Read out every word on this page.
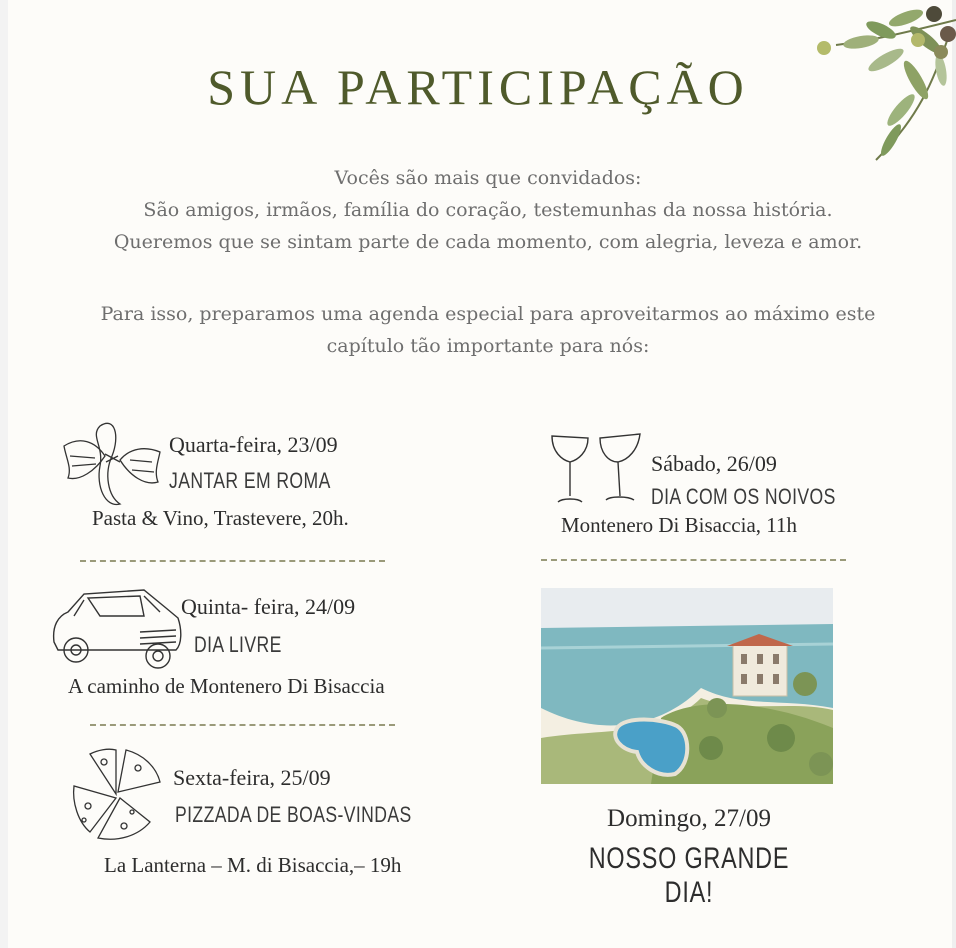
SUA PARTICIPAÇÃO

Vocês são mais que convidados:

São amigos, irmãos, família do coração, testemunhas da nossa história.

Queremos que se sintam parte de cada momento, com alegria, leveza e amor.

Para isso, preparamos uma agenda especial para aproveitarmos ao máximo este

capítulo tão importante para nós:

Quarta-feira, 23/09
JANTAR EM ROMA
Pasta & Vino, Trastevere, 20h.
Quinta- feira, 24/09
DIA LIVRE
A caminho de Montenero Di Bisaccia
Sexta-feira, 25/09
PIZZADA DE BOAS-VINDAS
La Lanterna – M. di Bisaccia,– 19h
Sábado, 26/09
DIA COM OS NOIVOS
Montenero Di Bisaccia, 11h
Domingo, 27/09
NOSSO GRANDE DIA!
